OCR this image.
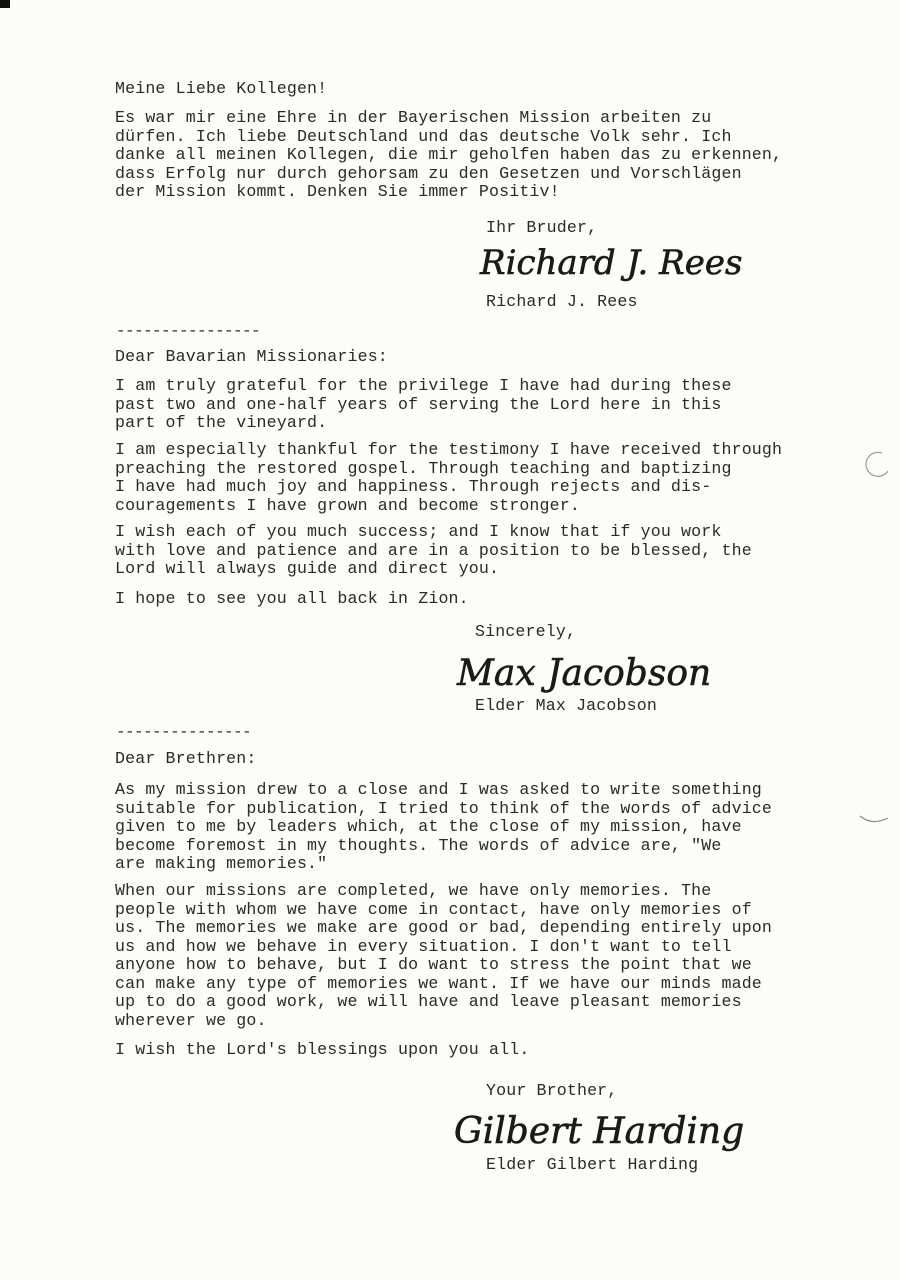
Meine Liebe Kollegen!
Es war mir eine Ehre in der Bayerischen Mission arbeiten zu
dürfen. Ich liebe Deutschland und das deutsche Volk sehr. Ich
danke all meinen Kollegen, die mir geholfen haben das zu erkennen,
dass Erfolg nur durch gehorsam zu den Gesetzen und Vorschlägen
der Mission kommt. Denken Sie immer Positiv!
Ihr Bruder,
Richard J. Rees
Richard J. Rees
----------------
Dear Bavarian Missionaries:
I am truly grateful for the privilege I have had during these
past two and one-half years of serving the Lord here in this
part of the vineyard.
I am especially thankful for the testimony I have received through
preaching the restored gospel. Through teaching and baptizing
I have had much joy and happiness. Through rejects and dis-
couragements I have grown and become stronger.
I wish each of you much success; and I know that if you work
with love and patience and are in a position to be blessed, the
Lord will always guide and direct you.
I hope to see you all back in Zion.
Sincerely,
Max Jacobson
Elder Max Jacobson
---------------
Dear Brethren:
As my mission drew to a close and I was asked to write something
suitable for publication, I tried to think of the words of advice
given to me by leaders which, at the close of my mission, have
become foremost in my thoughts. The words of advice are, "We
are making memories."
When our missions are completed, we have only memories. The
people with whom we have come in contact, have only memories of
us. The memories we make are good or bad, depending entirely upon
us and how we behave in every situation. I don't want to tell
anyone how to behave, but I do want to stress the point that we
can make any type of memories we want. If we have our minds made
up to do a good work, we will have and leave pleasant memories
wherever we go.
I wish the Lord's blessings upon you all.
Your Brother,
Gilbert Harding
Elder Gilbert Harding
